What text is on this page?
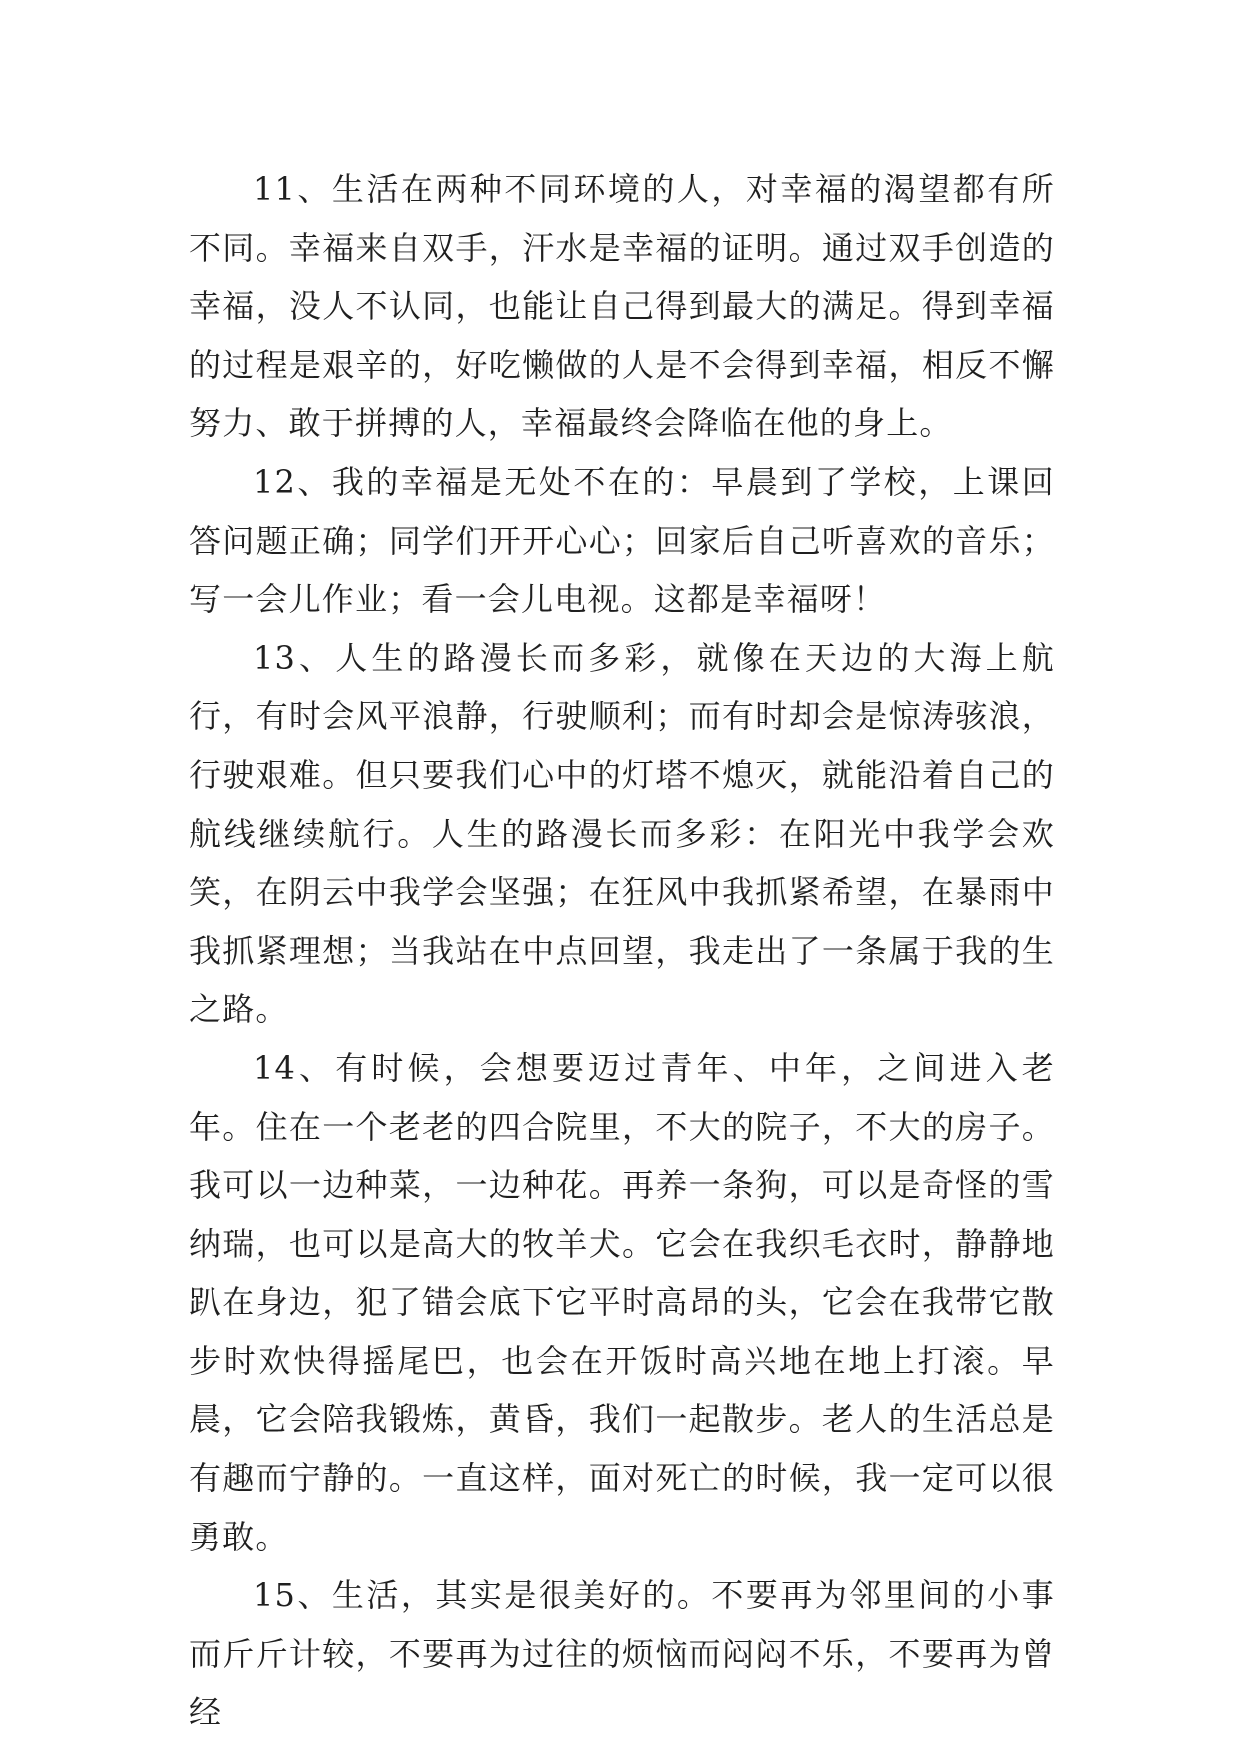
11、生活在两种不同环境的人，对幸福的渴望都有所不同。幸福来自双手，汗水是幸福的证明。通过双手创造的幸福，没人不认同，也能让自己得到最大的满足。得到幸福的过程是艰辛的，好吃懒做的人是不会得到幸福，相反不懈努力、敢于拼搏的人，幸福最终会降临在他的身上。

12、我的幸福是无处不在的：早晨到了学校，上课回答问题正确；同学们开开心心；回家后自己听喜欢的音乐；写一会儿作业；看一会儿电视。这都是幸福呀！

13、人生的路漫长而多彩，就像在天边的大海上航行，有时会风平浪静，行驶顺利；而有时却会是惊涛骇浪，行驶艰难。但只要我们心中的灯塔不熄灭，就能沿着自己的航线继续航行。人生的路漫长而多彩：在阳光中我学会欢笑，在阴云中我学会坚强；在狂风中我抓紧希望，在暴雨中我抓紧理想；当我站在中点回望，我走出了一条属于我的生之路。

14、有时候，会想要迈过青年、中年，之间进入老年。住在一个老老的四合院里，不大的院子，不大的房子。我可以一边种菜，一边种花。再养一条狗，可以是奇怪的雪纳瑞，也可以是高大的牧羊犬。它会在我织毛衣时，静静地趴在身边，犯了错会底下它平时高昂的头，它会在我带它散步时欢快得摇尾巴，也会在开饭时高兴地在地上打滚。早晨，它会陪我锻炼，黄昏，我们一起散步。老人的生活总是有趣而宁静的。一直这样，面对死亡的时候，我一定可以很勇敢。

15、生活，其实是很美好的。不要再为邻里间的小事而斤斤计较，不要再为过往的烦恼而闷闷不乐，不要再为曾经
